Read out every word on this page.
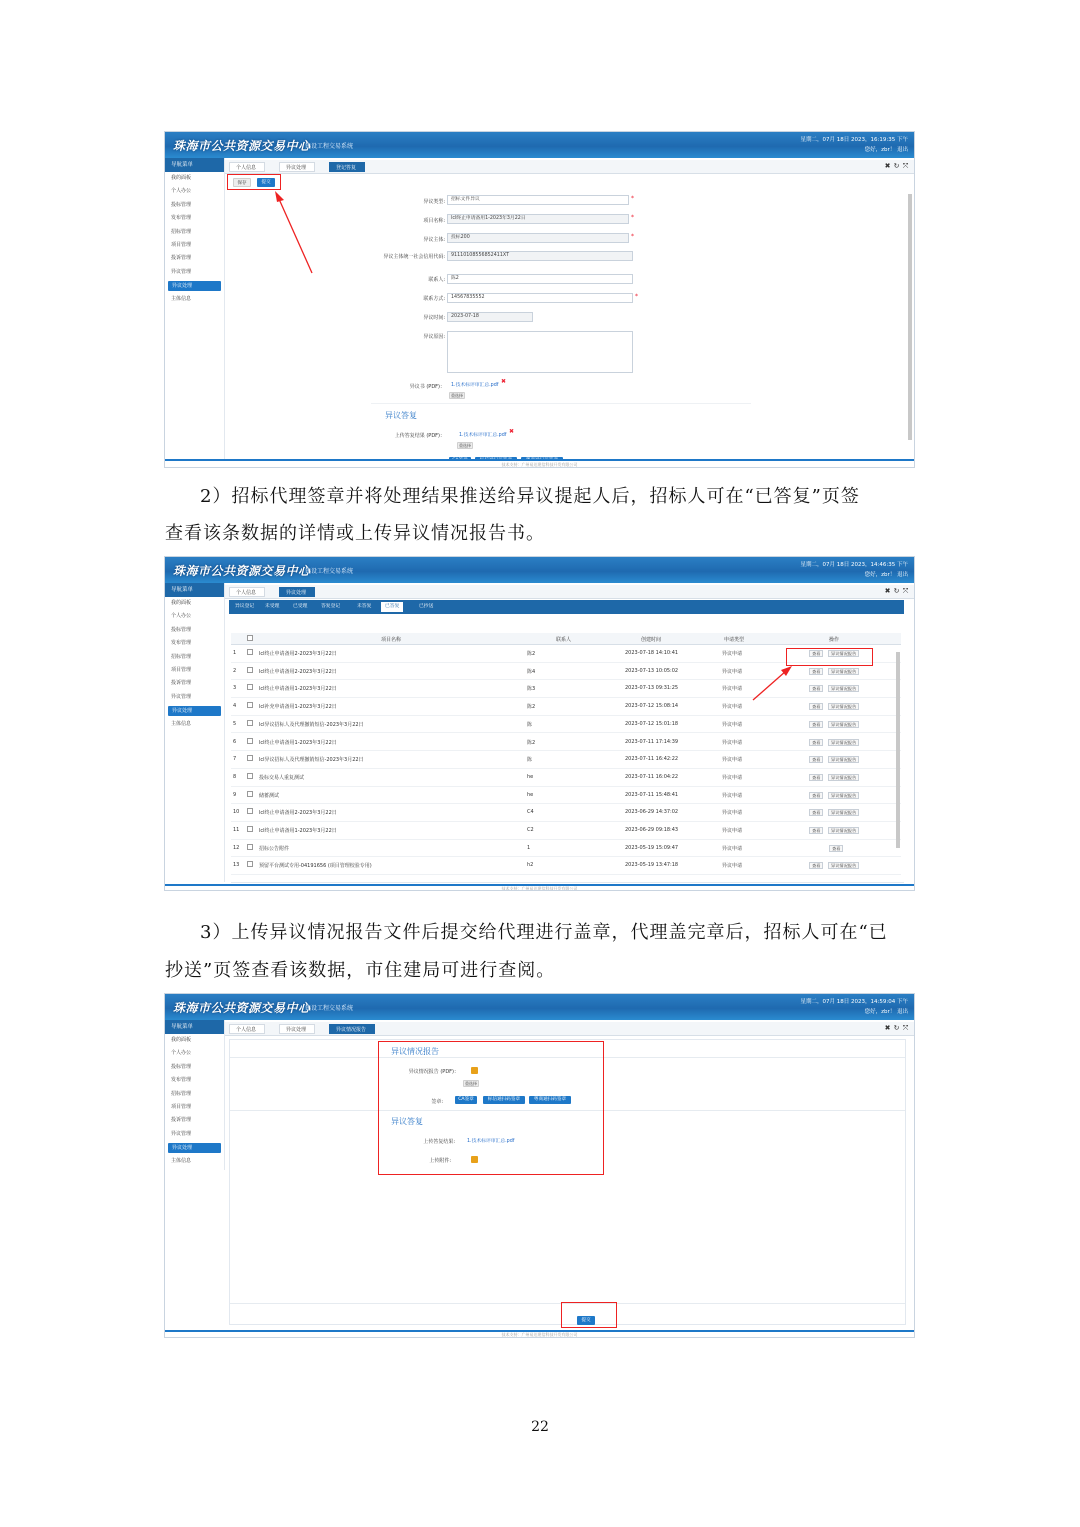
珠海市公共资源交易中心
建设工程交易系统
星期二，07月 18日 2023，16:19:35 下午
您好，zbr！ 退出
导航菜单
我的面板
个人办公
投标管理
发布管理
招标管理
项目管理
投诉管理
异议管理
异议处理
主体信息
个人信息	异议处理	登记答复	✖ ↻ ⤧
保存	提交
异议类型:	招标文件异议
项目名称:	lcl终止申请备用1-2023年3月22日
异议主体:	投标200
异议主体统一社会信用代码:	91110108556852411XT
联系人:	陈2
联系方式:	14567835552
异议时间:	2023-07-18
异议原因:
*
*
*
*
异议书 (PDF)： 1.技术标评审汇总.pdf
✖
重选择
异议答复
上传答复结果 (PDF)：	1.技术标评审汇总.pdf
✖
重选择
技术支持：广州易达建信科技开发有限公司
2）招标代理签章并将处理结果推送给异议提起人后，招标人可在“已答复”页签
查看该条数据的详情或上传异议情况报告书。
珠海市公共资源交易中心
建设工程交易系统
星期二，07月 18日 2023，14:46:35 下午
您好，zbr！ 退出
导航菜单
我的面板
个人办公
投标管理
发布管理
招标管理
项目管理
投诉管理
异议管理
异议处理
主体信息
个人信息	异议处理	✖ ↻ ⤧
异议登记	未受理	已受理	答复登记	未答复	已答复	已抄送
项目名称	联系人	创建时间	申请类型	操作
1	lcl终止申请备用2-2023年3月22日	陈2	2023-07-18 14:10:41	异议申请	查看	异议情况报告
2	lcl终止申请备用2-2023年3月22日	陈4	2023-07-13 10:05:02	异议申请	查看	异议情况报告
3	lcl终止申请备用1-2023年3月22日	陈3	2023-07-13 09:31:25	异议申请	查看	异议情况报告
4	lcl补充申请备用1-2023年3月22日	陈2	2023-07-12 15:08:14	异议申请	查看	异议情况报告
5	lcl异议招标人及代理撤销短信-2023年3月22日	陈	2023-07-12 15:01:18	异议申请	查看	异议情况报告
6	lcl终止申请备用1-2023年3月22日	陈2	2023-07-11 17:14:39	异议申请	查看	异议情况报告
7	lcl异议招标人及代理撤销短信-2023年3月22日	陈	2023-07-11 16:42:22	异议申请	查看	异议情况报告
8	投标交易人重复测试	he	2023-07-11 16:04:22	异议申请	查看	异议情况报告
9	储蓄测试	he	2023-07-11 15:48:41	异议申请	查看	异议情况报告
10	lcl终止申请备用2-2023年3月22日	C4	2023-06-29 14:37:02	异议申请	查看	异议情况报告
11	lcl终止申请备用1-2023年3月22日	C2	2023-06-29 09:18:43	异议申请	查看	异议情况报告
12	招标公告附件	1	2023-05-19 15:09:47	异议申请	查看
13	预留平台测试专用-04191656 (项目管理校验专用)	h2	2023-05-19 13:47:18	异议申请	查看	异议情况报告
技术支持：广州易达建信科技开发有限公司
3）上传异议情况报告文件后提交给代理进行盖章，代理盖完章后，招标人可在“已
抄送”页签查看该数据，市住建局可进行查阅。
珠海市公共资源交易中心
建设工程交易系统
星期二，07月 18日 2023，14:59:04 下午
您好，zbr！ 退出
导航菜单
我的面板
个人办公
投标管理
发布管理
招标管理
项目管理
投诉管理
异议管理
异议处理
主体信息
个人信息	异议处理	异议情况报告	✖ ↻ ⤧
异议情况报告
异议情况报告 (PDF)：
重选择
签章:	CA签章	标信通扫码签章	粤商通扫码签章
异议答复
上传答复结果:	1.技术标评审汇总.pdf
上传附件:
提交
技术支持：广州易达建信科技开发有限公司
22
